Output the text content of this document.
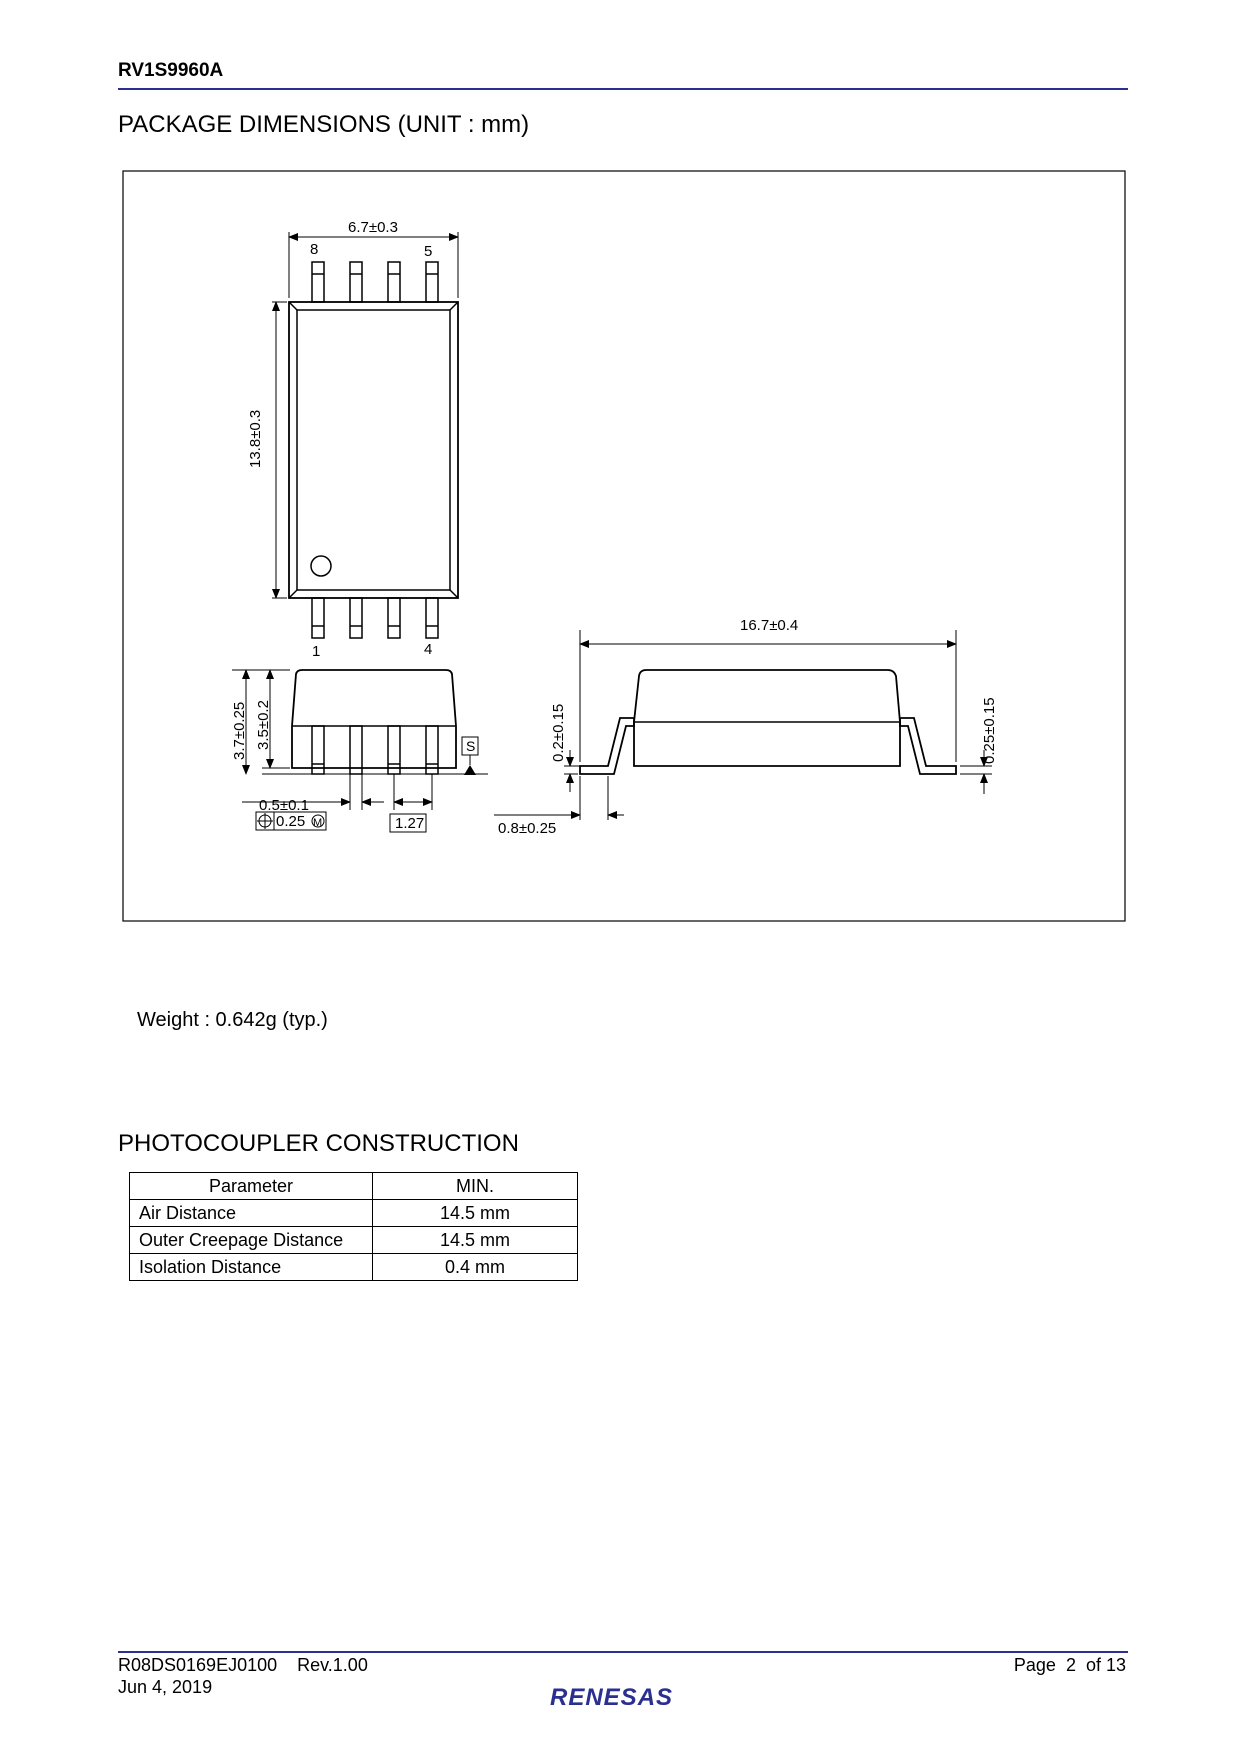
RV1S9960A
PACKAGE DIMENSIONS (UNIT : mm)
6.7±0.3
8	5
1	4
13.8±0.3
3.7±0.25 3.5±0.2	S
0.5±0.1
0.25 M	1.27
16.7±0.4
0.2±0.15
0.8±0.25
0.25±0.15
Weight : 0.642g (typ.)
PHOTOCOUPLER CONSTRUCTION
Parameter	MIN.
Air Distance	14.5 mm
Outer Creepage Distance	14.5 mm
Isolation Distance	0.4 mm
R08DS0169EJ0100    Rev.1.00
Jun 4, 2019
Page  2  of 13
RENESAS
